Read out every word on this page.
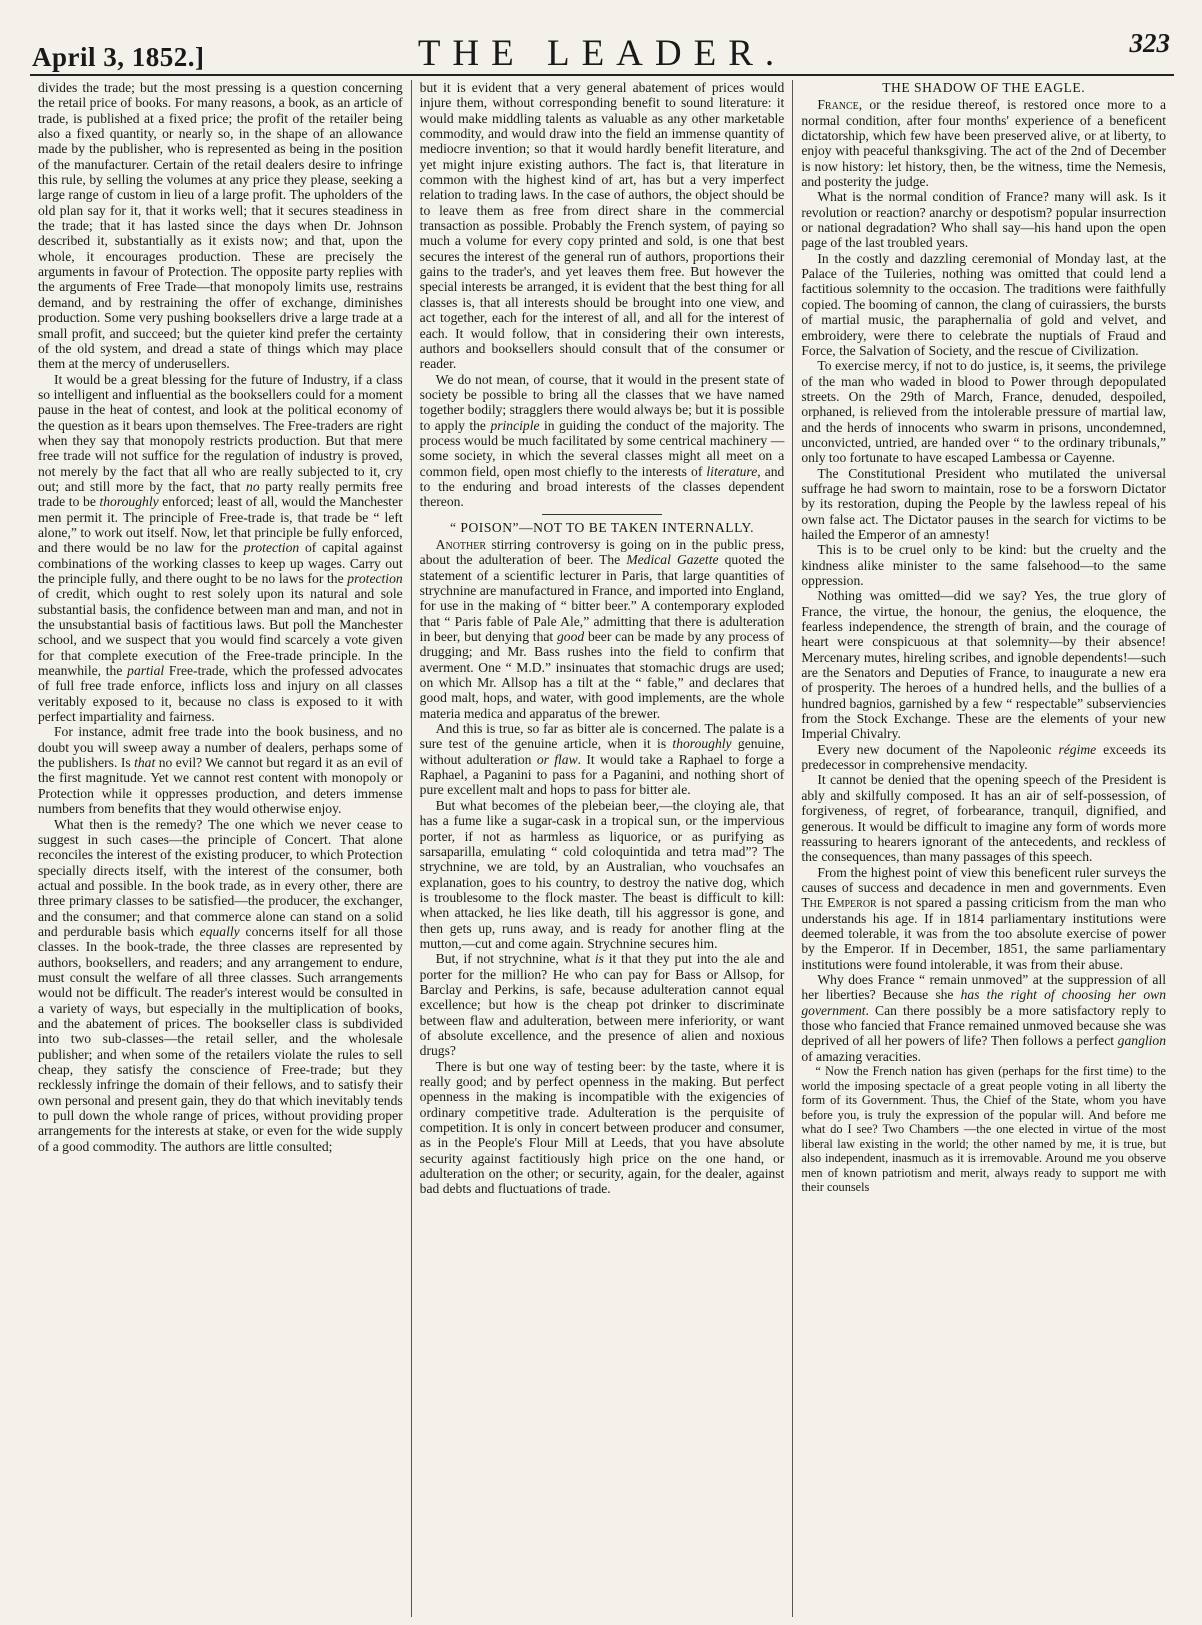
April 3, 1852.]	THE LEADER.	323

divides the trade; but the most pressing is a question concerning the retail price of books. For many reasons, a book, as an article of trade, is published at a fixed price; the profit of the retailer being also a fixed quantity, or nearly so, in the shape of an allowance made by the publisher, who is represented as being in the position of the manufacturer. Certain of the retail dealers desire to infringe this rule, by selling the volumes at any price they please, seeking a large range of custom in lieu of a large profit. The upholders of the old plan say for it, that it works well; that it secures steadiness in the trade; that it has lasted since the days when Dr. Johnson described it, substantially as it exists now; and that, upon the whole, it encourages production. These are precisely the arguments in favour of Protection. The opposite party replies with the arguments of Free Trade—that monopoly limits use, restrains demand, and by restraining the offer of exchange, diminishes production. Some very pushing booksellers drive a large trade at a small profit, and succeed; but the quieter kind prefer the certainty of the old system, and dread a state of things which may place them at the mercy of underusellers.

It would be a great blessing for the future of Industry, if a class so intelligent and influential as the booksellers could for a moment pause in the heat of contest, and look at the political economy of the question as it bears upon themselves. The Free-traders are right when they say that monopoly restricts production. But that mere free trade will not suffice for the regulation of industry is proved, not merely by the fact that all who are really subjected to it, cry out; and still more by the fact, that no party really permits free trade to be thoroughly enforced; least of all, would the Manchester men permit it. The principle of Free-trade is, that trade be “ left alone,” to work out itself. Now, let that principle be fully enforced, and there would be no law for the protection of capital against combinations of the working classes to keep up wages. Carry out the principle fully, and there ought to be no laws for the protection of credit, which ought to rest solely upon its natural and sole substantial basis, the confidence between man and man, and not in the unsubstantial basis of factitious laws. But poll the Manchester school, and we suspect that you would find scarcely a vote given for that complete execution of the Free-trade principle. In the meanwhile, the partial Free-trade, which the professed advocates of full free trade enforce, inflicts loss and injury on all classes veritably exposed to it, because no class is exposed to it with perfect impartiality and fairness.

For instance, admit free trade into the book business, and no doubt you will sweep away a number of dealers, perhaps some of the publishers. Is that no evil? We cannot but regard it as an evil of the first magnitude. Yet we cannot rest content with monopoly or Protection while it oppresses production, and deters immense numbers from benefits that they would otherwise enjoy.

What then is the remedy? The one which we never cease to suggest in such cases—the principle of Concert. That alone reconciles the interest of the existing producer, to which Protection specially directs itself, with the interest of the consumer, both actual and possible. In the book trade, as in every other, there are three primary classes to be satisfied—the producer, the exchanger, and the consumer; and that commerce alone can stand on a solid and perdurable basis which equally concerns itself for all those classes. In the book-trade, the three classes are represented by authors, booksellers, and readers; and any arrangement to endure, must consult the welfare of all three classes. Such arrangements would not be difficult. The reader's interest would be consulted in a variety of ways, but especially in the multiplication of books, and the abatement of prices. The bookseller class is subdivided into two sub-classes—the retail seller, and the wholesale publisher; and when some of the retailers violate the rules to sell cheap, they satisfy the conscience of Free-trade; but they recklessly infringe the domain of their fellows, and to satisfy their own personal and present gain, they do that which inevitably tends to pull down the whole range of prices, without providing proper arrangements for the interests at stake, or even for the wide supply of a good commodity. The authors are little consulted;

but it is evident that a very general abatement of prices would injure them, without corresponding benefit to sound literature: it would make middling talents as valuable as any other marketable commodity, and would draw into the field an immense quantity of mediocre invention; so that it would hardly benefit literature, and yet might injure existing authors. The fact is, that literature in common with the highest kind of art, has but a very imperfect relation to trading laws. In the case of authors, the object should be to leave them as free from direct share in the commercial transaction as possible. Probably the French system, of paying so much a volume for every copy printed and sold, is one that best secures the interest of the general run of authors, proportions their gains to the trader's, and yet leaves them free. But however the special interests be arranged, it is evident that the best thing for all classes is, that all interests should be brought into one view, and act together, each for the interest of all, and all for the interest of each. It would follow, that in considering their own interests, authors and booksellers should consult that of the consumer or reader.

We do not mean, of course, that it would in the present state of society be possible to bring all the classes that we have named together bodily; stragglers there would always be; but it is possible to apply the principle in guiding the conduct of the majority. The process would be much facilitated by some centrical machinery —some society, in which the several classes might all meet on a common field, open most chiefly to the interests of literature, and to the enduring and broad interests of the classes dependent thereon.

“ POISON”—NOT TO BE TAKEN INTERNALLY.

Another stirring controversy is going on in the public press, about the adulteration of beer. The Medical Gazette quoted the statement of a scientific lecturer in Paris, that large quantities of strychnine are manufactured in France, and imported into England, for use in the making of “ bitter beer.” A contemporary exploded that “ Paris fable of Pale Ale,” admitting that there is adulteration in beer, but denying that good beer can be made by any process of drugging; and Mr. Bass rushes into the field to confirm that averment. One “ M.D.” insinuates that stomachic drugs are used; on which Mr. Allsop has a tilt at the “ fable,” and declares that good malt, hops, and water, with good implements, are the whole materia medica and apparatus of the brewer.

And this is true, so far as bitter ale is concerned. The palate is a sure test of the genuine article, when it is thoroughly genuine, without adulteration or flaw. It would take a Raphael to forge a Raphael, a Paganini to pass for a Paganini, and nothing short of pure excellent malt and hops to pass for bitter ale.

But what becomes of the plebeian beer,—the cloying ale, that has a fume like a sugar-cask in a tropical sun, or the impervious porter, if not as harmless as liquorice, or as purifying as sarsaparilla, emulating “ cold coloquintida and tetra mad”? The strychnine, we are told, by an Australian, who vouchsafes an explanation, goes to his country, to destroy the native dog, which is troublesome to the flock master. The beast is difficult to kill: when attacked, he lies like death, till his aggressor is gone, and then gets up, runs away, and is ready for another fling at the mutton,—cut and come again. Strychnine secures him.

But, if not strychnine, what is it that they put into the ale and porter for the million? He who can pay for Bass or Allsop, for Barclay and Perkins, is safe, because adulteration cannot equal excellence; but how is the cheap pot drinker to discriminate between flaw and adulteration, between mere inferiority, or want of absolute excellence, and the presence of alien and noxious drugs?

There is but one way of testing beer: by the taste, where it is really good; and by perfect openness in the making. But perfect openness in the making is incompatible with the exigencies of ordinary competitive trade. Adulteration is the perquisite of competition. It is only in concert between producer and consumer, as in the People's Flour Mill at Leeds, that you have absolute security against factitiously high price on the one hand, or adulteration on the other; or security, again, for the dealer, against bad debts and fluctuations of trade.

THE SHADOW OF THE EAGLE.

France, or the residue thereof, is restored once more to a normal condition, after four months' experience of a beneficent dictatorship, which few have been preserved alive, or at liberty, to enjoy with peaceful thanksgiving. The act of the 2nd of December is now history: let history, then, be the witness, time the Nemesis, and posterity the judge.

What is the normal condition of France? many will ask. Is it revolution or reaction? anarchy or despotism? popular insurrection or national degradation? Who shall say—his hand upon the open page of the last troubled years.

In the costly and dazzling ceremonial of Monday last, at the Palace of the Tuileries, nothing was omitted that could lend a factitious solemnity to the occasion. The traditions were faithfully copied. The booming of cannon, the clang of cuirassiers, the bursts of martial music, the paraphernalia of gold and velvet, and embroidery, were there to celebrate the nuptials of Fraud and Force, the Salvation of Society, and the rescue of Civilization.

To exercise mercy, if not to do justice, is, it seems, the privilege of the man who waded in blood to Power through depopulated streets. On the 29th of March, France, denuded, despoiled, orphaned, is relieved from the intolerable pressure of martial law, and the herds of innocents who swarm in prisons, uncondemned, unconvicted, untried, are handed over “ to the ordinary tribunals,” only too fortunate to have escaped Lambessa or Cayenne.

The Constitutional President who mutilated the universal suffrage he had sworn to maintain, rose to be a forsworn Dictator by its restoration, duping the People by the lawless repeal of his own false act. The Dictator pauses in the search for victims to be hailed the Emperor of an amnesty!

This is to be cruel only to be kind: but the cruelty and the kindness alike minister to the same falsehood—to the same oppression.

Nothing was omitted—did we say? Yes, the true glory of France, the virtue, the honour, the genius, the eloquence, the fearless independence, the strength of brain, and the courage of heart were conspicuous at that solemnity—by their absence! Mercenary mutes, hireling scribes, and ignoble dependents!—such are the Senators and Deputies of France, to inaugurate a new era of prosperity. The heroes of a hundred hells, and the bullies of a hundred bagnios, garnished by a few “ respectable” subserviencies from the Stock Exchange. These are the elements of your new Imperial Chivalry.

Every new document of the Napoleonic régime exceeds its predecessor in comprehensive mendacity.

It cannot be denied that the opening speech of the President is ably and skilfully composed. It has an air of self-possession, of forgiveness, of regret, of forbearance, tranquil, dignified, and generous. It would be difficult to imagine any form of words more reassuring to hearers ignorant of the antecedents, and reckless of the consequences, than many passages of this speech.

From the highest point of view this beneficent ruler surveys the causes of success and decadence in men and governments. Even The Emperor is not spared a passing criticism from the man who understands his age. If in 1814 parliamentary institutions were deemed tolerable, it was from the too absolute exercise of power by the Emperor. If in December, 1851, the same parliamentary institutions were found intolerable, it was from their abuse.

Why does France “ remain unmoved” at the suppression of all her liberties? Because she has the right of choosing her own government. Can there possibly be a more satisfactory reply to those who fancied that France remained unmoved because she was deprived of all her powers of life? Then follows a perfect ganglion of amazing veracities.

“ Now the French nation has given (perhaps for the first time) to the world the imposing spectacle of a great people voting in all liberty the form of its Government. Thus, the Chief of the State, whom you have before you, is truly the expression of the popular will. And before me what do I see? Two Chambers —the one elected in virtue of the most liberal law existing in the world; the other named by me, it is true, but also independent, inasmuch as it is irremovable. Around me you observe men of known patriotism and merit, always ready to support me with their counsels
